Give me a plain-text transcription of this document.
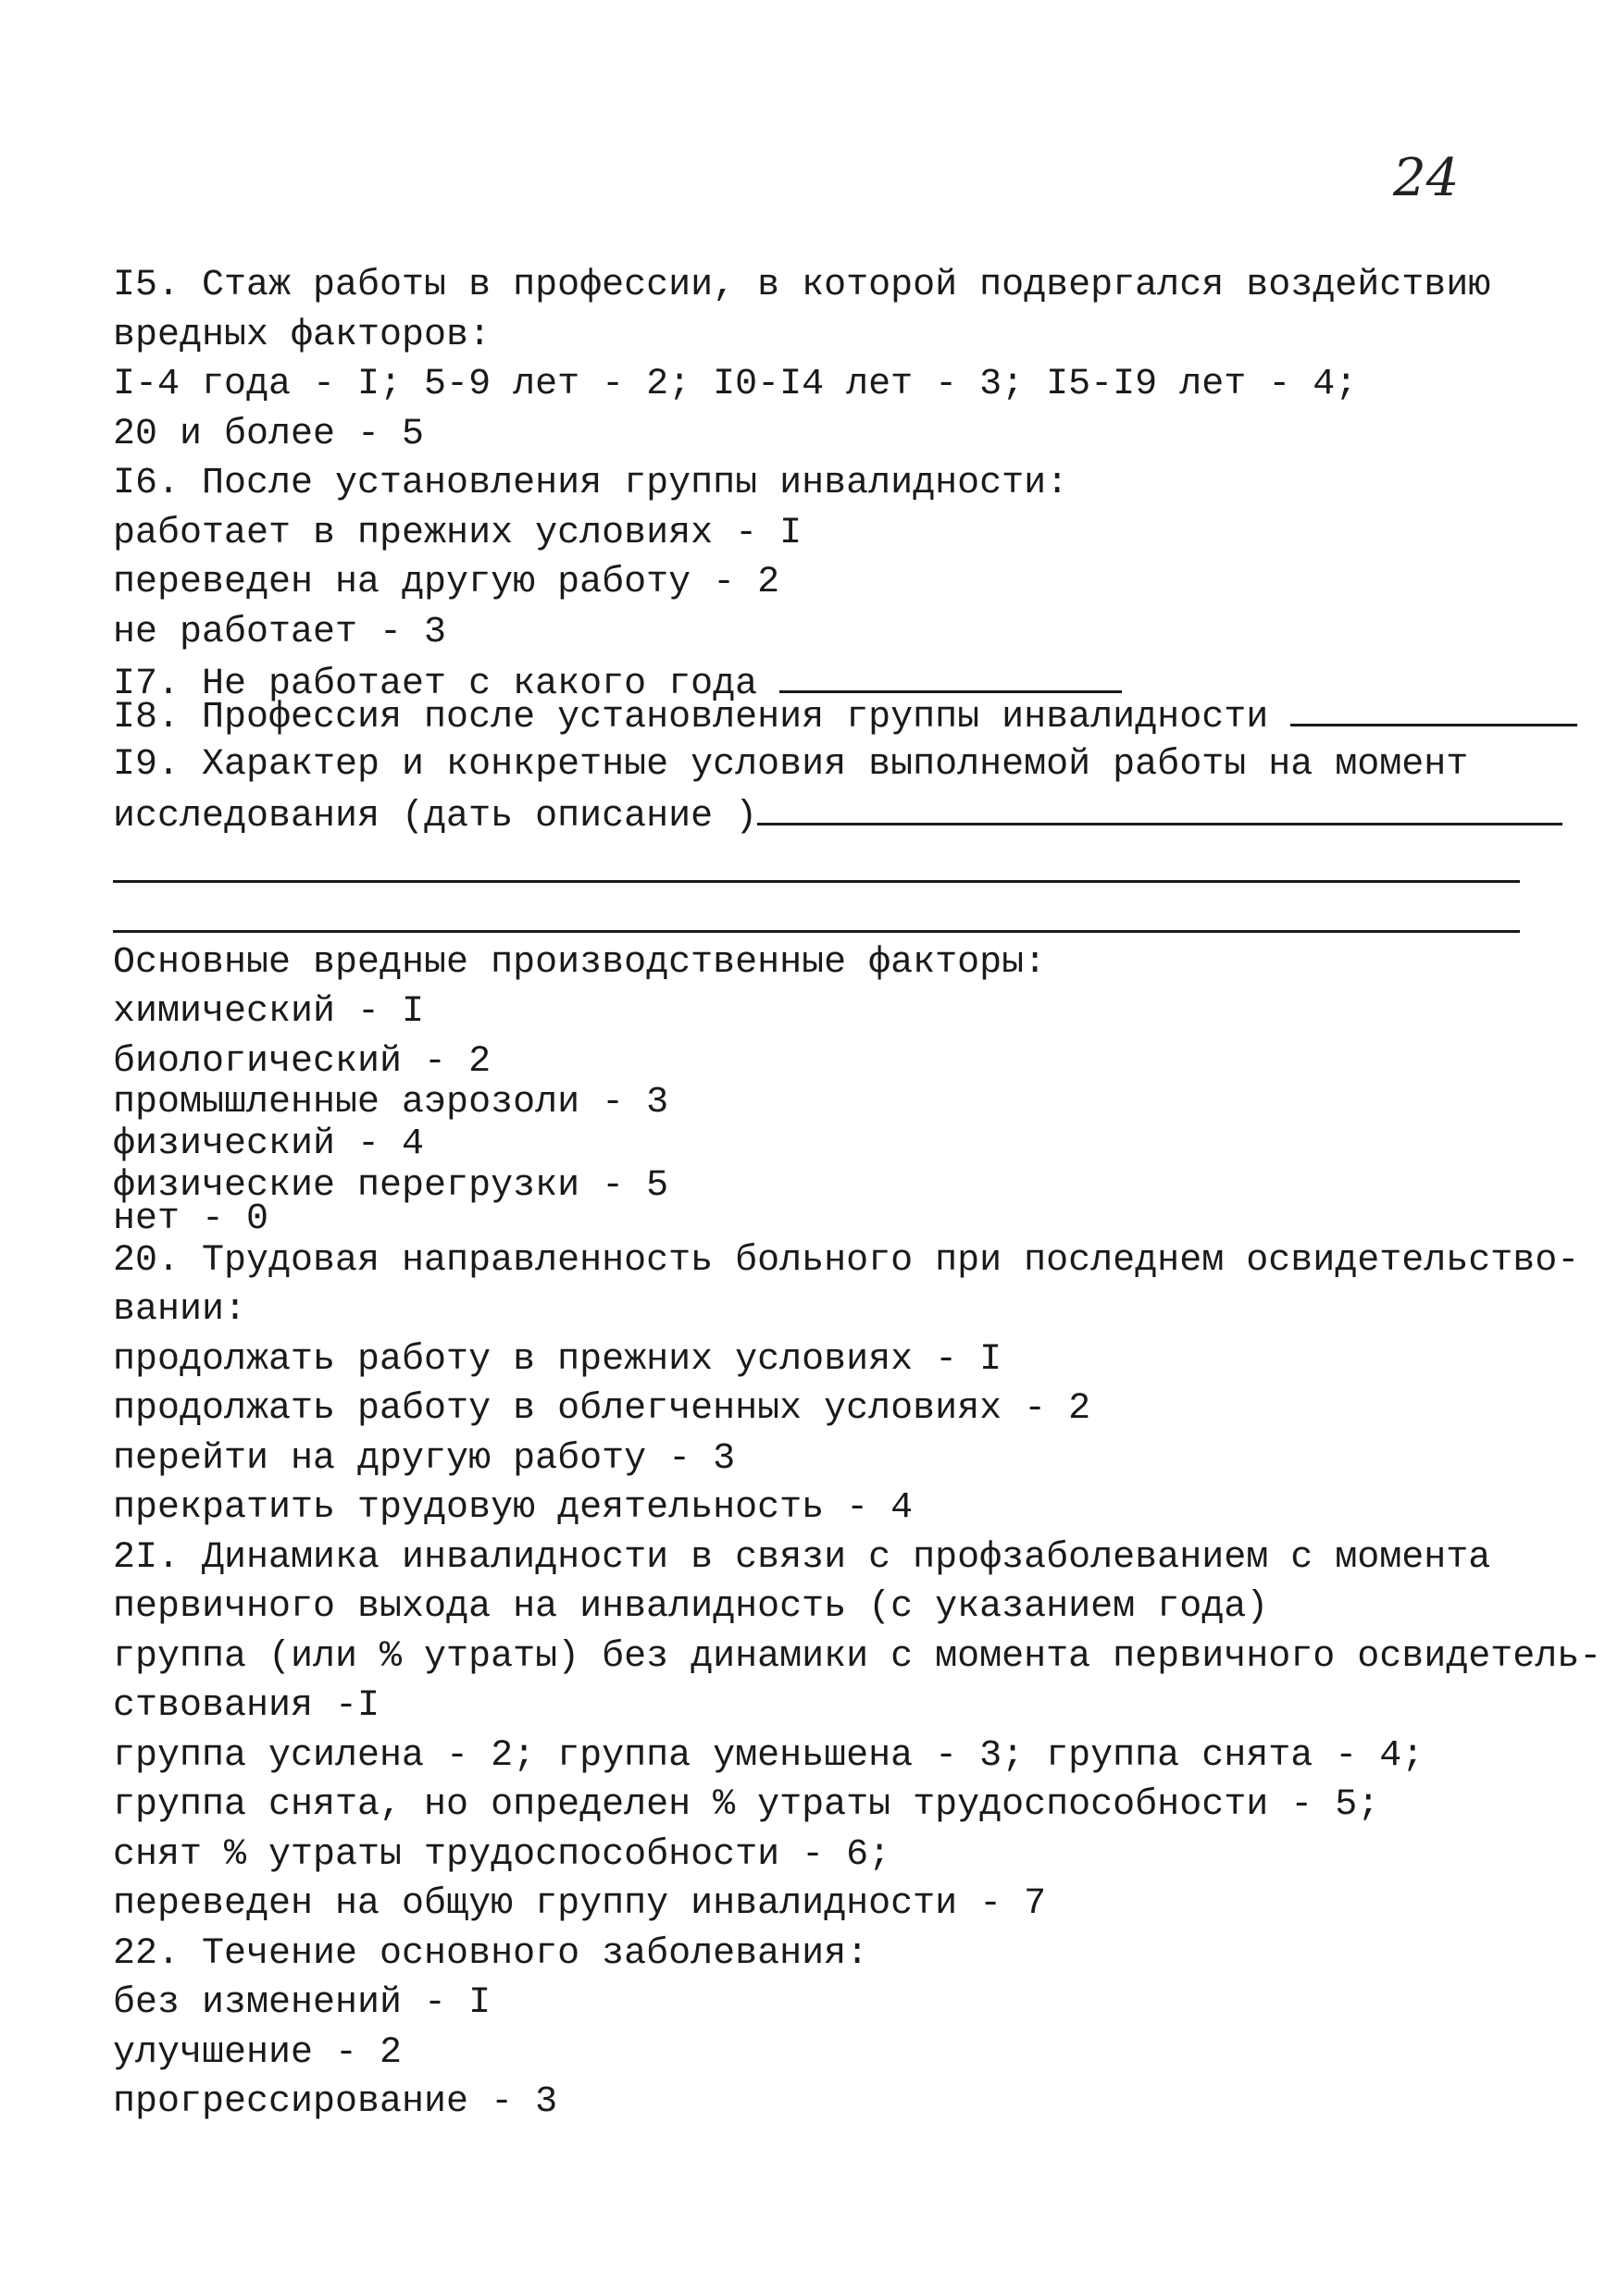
24
I5. Стаж работы в профессии, в которой подвергался воздействию
вредных факторов:
I-4 года - I; 5-9 лет - 2; I0-I4 лет - 3; I5-I9 лет - 4;
20 и более - 5
I6. После установления группы инвалидности:
работает в прежних условиях - I
переведен на другую работу - 2
не работает - 3
I7. Не работает с какого года
I8. Профессия после установления группы инвалидности
I9. Характер и конкретные условия выполнемой работы на момент
исследования (дать описание )
Основные вредные производственные факторы:
химический - I
биологический - 2
промышленные аэрозоли - 3
физический - 4
физические перегрузки - 5
нет - 0
20. Трудовая направленность больного при последнем освидетельство-
вании:
продолжать работу в прежних условиях - I
продолжать работу в облегченных условиях - 2
перейти на другую работу - 3
прекратить трудовую деятельность - 4
2I. Динамика инвалидности в связи с профзаболеванием с момента
первичного выхода на инвалидность (с указанием года)
группа (или % утраты) без динамики с момента первичного освидетель-
ствования -I
группа усилена - 2; группа уменьшена - 3; группа снята - 4;
группа снята, но определен % утраты трудоспособности - 5;
снят % утраты трудоспособности - 6;
переведен на общую группу инвалидности - 7
22. Течение основного заболевания:
без изменений - I
улучшение - 2
прогрессирование - 3
